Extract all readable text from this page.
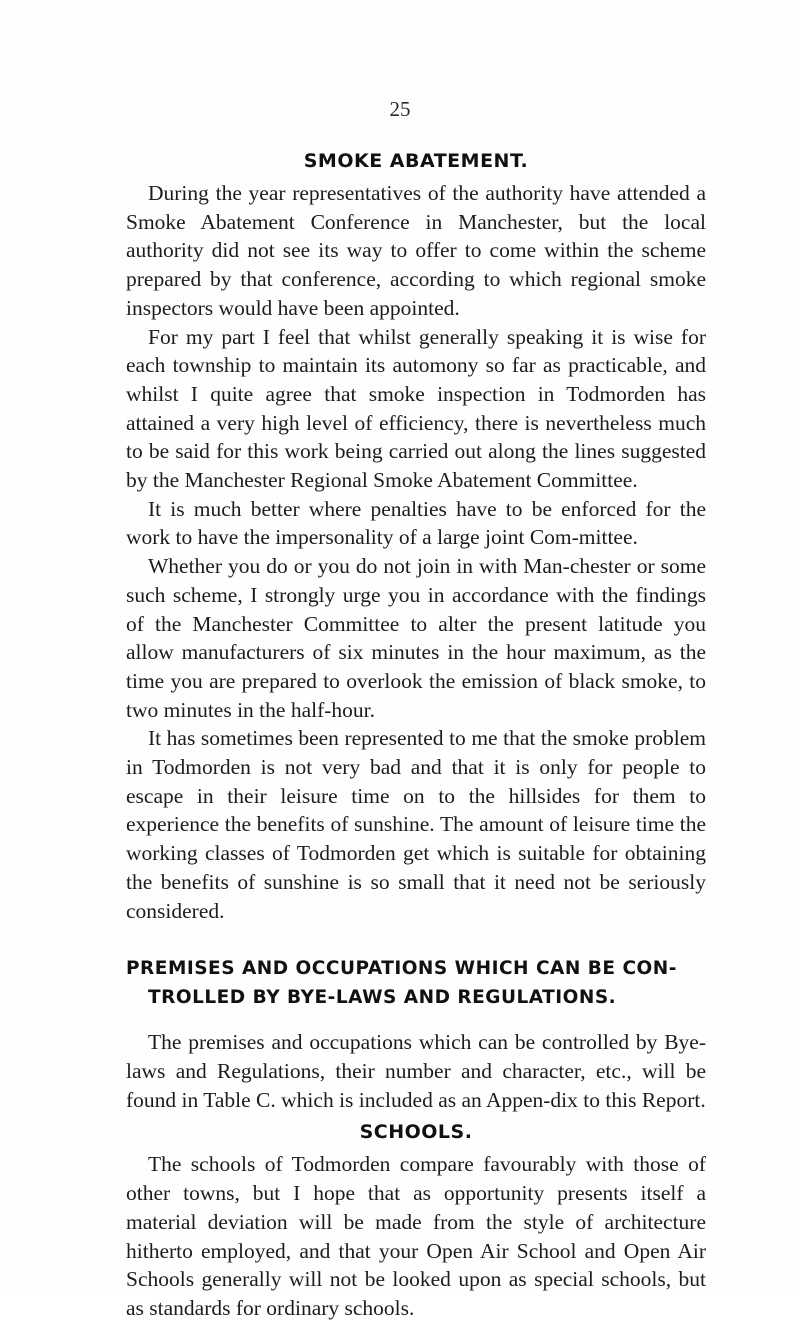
25
SMOKE ABATEMENT.

During the year representatives of the authority have attended a Smoke Abatement Conference in Manchester, but the local authority did not see its way to offer to come within the scheme prepared by that conference, according to which regional smoke inspectors would have been appointed.

For my part I feel that whilst generally speaking it is wise for each township to maintain its automony so far as practicable, and whilst I quite agree that smoke inspection in Todmorden has attained a very high level of efficiency, there is nevertheless much to be said for this work being carried out along the lines suggested by the Manchester Regional Smoke Abatement Committee.

It is much better where penalties have to be enforced for the work to have the impersonality of a large joint Com-mittee.

Whether you do or you do not join in with Man-chester or some such scheme, I strongly urge you in accordance with the findings of the Manchester Committee to alter the present latitude you allow manufacturers of six minutes in the hour maximum, as the time you are prepared to overlook the emission of black smoke, to two minutes in the half-hour.

It has sometimes been represented to me that the smoke problem in Todmorden is not very bad and that it is only for people to escape in their leisure time on to the hillsides for them to experience the benefits of sunshine. The amount of leisure time the working classes of Todmorden get which is suitable for obtaining the benefits of sunshine is so small that it need not be seriously considered.

PREMISES AND OCCUPATIONS WHICH CAN BE CON-
TROLLED BY BYE-LAWS AND REGULATIONS.

The premises and occupations which can be controlled by Bye-laws and Regulations, their number and character, etc., will be found in Table C. which is included as an Appen-dix to this Report.

SCHOOLS.

The schools of Todmorden compare favourably with those of other towns, but I hope that as opportunity presents itself a material deviation will be made from the style of architecture hitherto employed, and that your Open Air School and Open Air Schools generally will not be looked upon as special schools, but as standards for ordinary schools.
